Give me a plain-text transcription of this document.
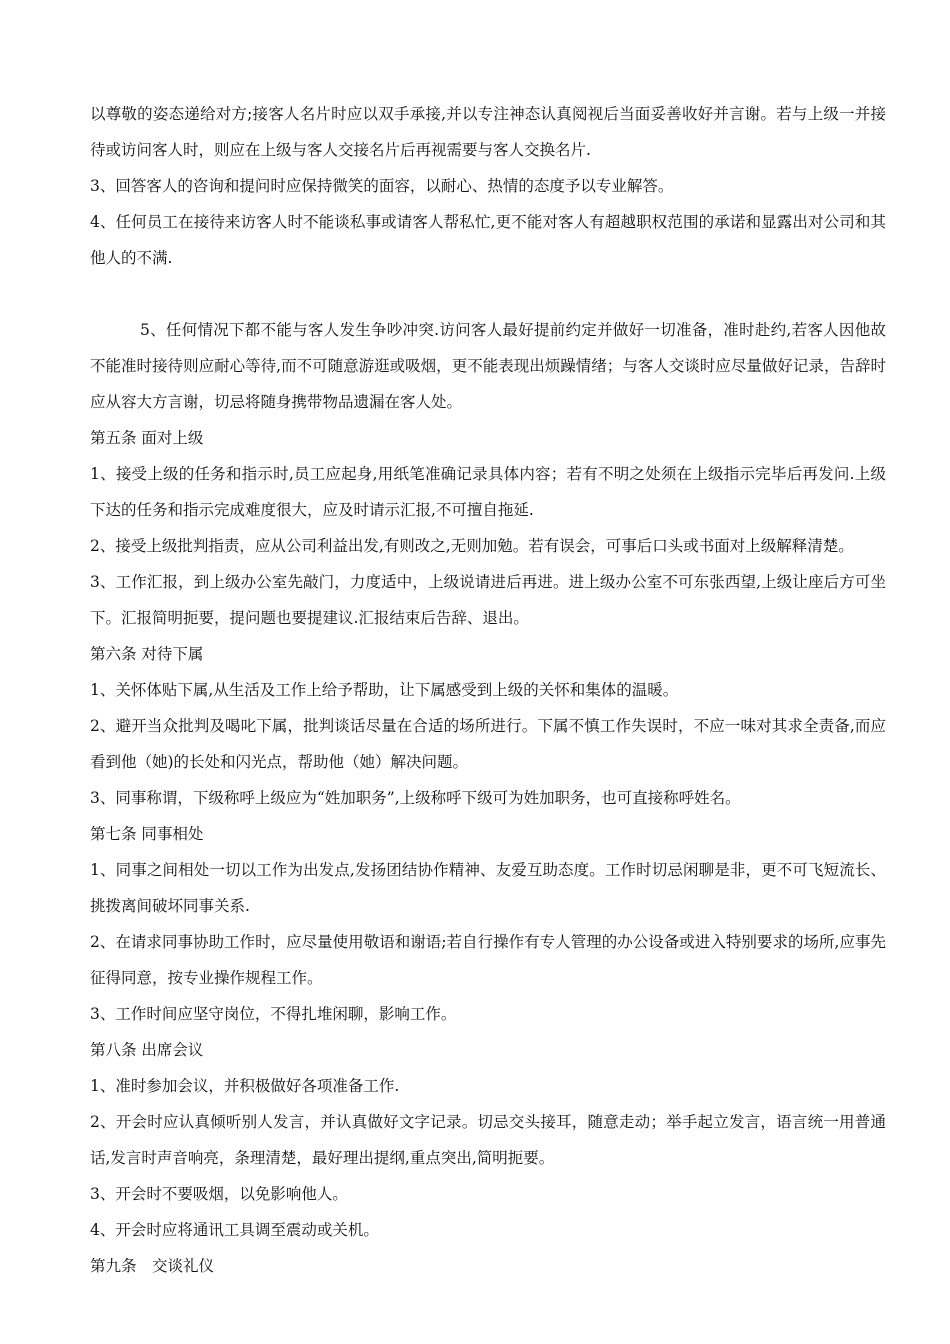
以尊敬的姿态递给对方;接客人名片时应以双手承接,并以专注神态认真阅视后当面妥善收好并言谢。若与上级一并接待或访问客人时，则应在上级与客人交接名片后再视需要与客人交换名片.

3、回答客人的咨询和提问时应保持微笑的面容，以耐心、热情的态度予以专业解答。

4、任何员工在接待来访客人时不能谈私事或请客人帮私忙,更不能对客人有超越职权范围的承诺和显露出对公司和其他人的不满.

5、任何情况下都不能与客人发生争吵冲突.访问客人最好提前约定并做好一切准备，准时赴约,若客人因他故不能准时接待则应耐心等待,而不可随意游逛或吸烟，更不能表现出烦躁情绪；与客人交谈时应尽量做好记录，告辞时应从容大方言谢，切忌将随身携带物品遗漏在客人处。

第五条 面对上级

1、接受上级的任务和指示时,员工应起身,用纸笔准确记录具体内容；若有不明之处须在上级指示完毕后再发问.上级下达的任务和指示完成难度很大，应及时请示汇报,不可擅自拖延.

2、接受上级批判指责，应从公司利益出发,有则改之,无则加勉。若有误会，可事后口头或书面对上级解释清楚。

3、工作汇报，到上级办公室先敲门，力度适中，上级说请进后再进。进上级办公室不可东张西望,上级让座后方可坐下。汇报简明扼要，提问题也要提建议.汇报结束后告辞、退出。

第六条 对待下属

1、关怀体贴下属,从生活及工作上给予帮助，让下属感受到上级的关怀和集体的温暖。

2、避开当众批判及喝叱下属，批判谈话尽量在合适的场所进行。下属不慎工作失误时，不应一味对其求全责备,而应看到他（她)的长处和闪光点，帮助他（她）解决问题。

3、同事称谓，下级称呼上级应为“姓加职务”,上级称呼下级可为姓加职务，也可直接称呼姓名。

第七条 同事相处

1、同事之间相处一切以工作为出发点,发扬团结协作精神、友爱互助态度。工作时切忌闲聊是非，更不可飞短流长、挑拨离间破坏同事关系.

2、在请求同事协助工作时，应尽量使用敬语和谢语;若自行操作有专人管理的办公设备或进入特别要求的场所,应事先征得同意，按专业操作规程工作。

3、工作时间应坚守岗位，不得扎堆闲聊，影响工作。

第八条 出席会议

1、准时参加会议，并积极做好各项准备工作.

2、开会时应认真倾听别人发言，并认真做好文字记录。切忌交头接耳，随意走动；举手起立发言，语言统一用普通话,发言时声音响亮，条理清楚，最好理出提纲,重点突出,简明扼要。

3、开会时不要吸烟，以免影响他人。

4、开会时应将通讯工具调至震动或关机。

第九条　交谈礼仪
